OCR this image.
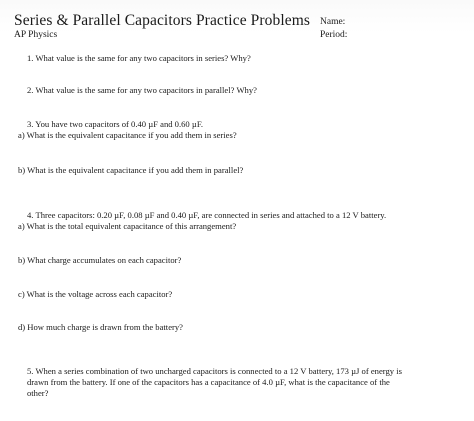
Series & Parallel Capacitors Practice Problems
AP Physics
Name:
Period:
1. What value is the same for any two capacitors in series? Why?
2. What value is the same for any two capacitors in parallel? Why?
3. You have two capacitors of 0.40 µF and 0.60 µF.
a) What is the equivalent capacitance if you add them in series?
b) What is the equivalent capacitance if you add them in parallel?
4. Three capacitors: 0.20 µF, 0.08 µF and 0.40 µF, are connected in series and attached to a 12 V battery.
a) What is the total equivalent capacitance of this arrangement?
b) What charge accumulates on each capacitor?
c) What is the voltage across each capacitor?
d) How much charge is drawn from the battery?
5. When a series combination of two uncharged capacitors is connected to a 12 V battery, 173 µJ of energy is
drawn from the battery. If one of the capacitors has a capacitance of 4.0 µF, what is the capacitance of the
other?
